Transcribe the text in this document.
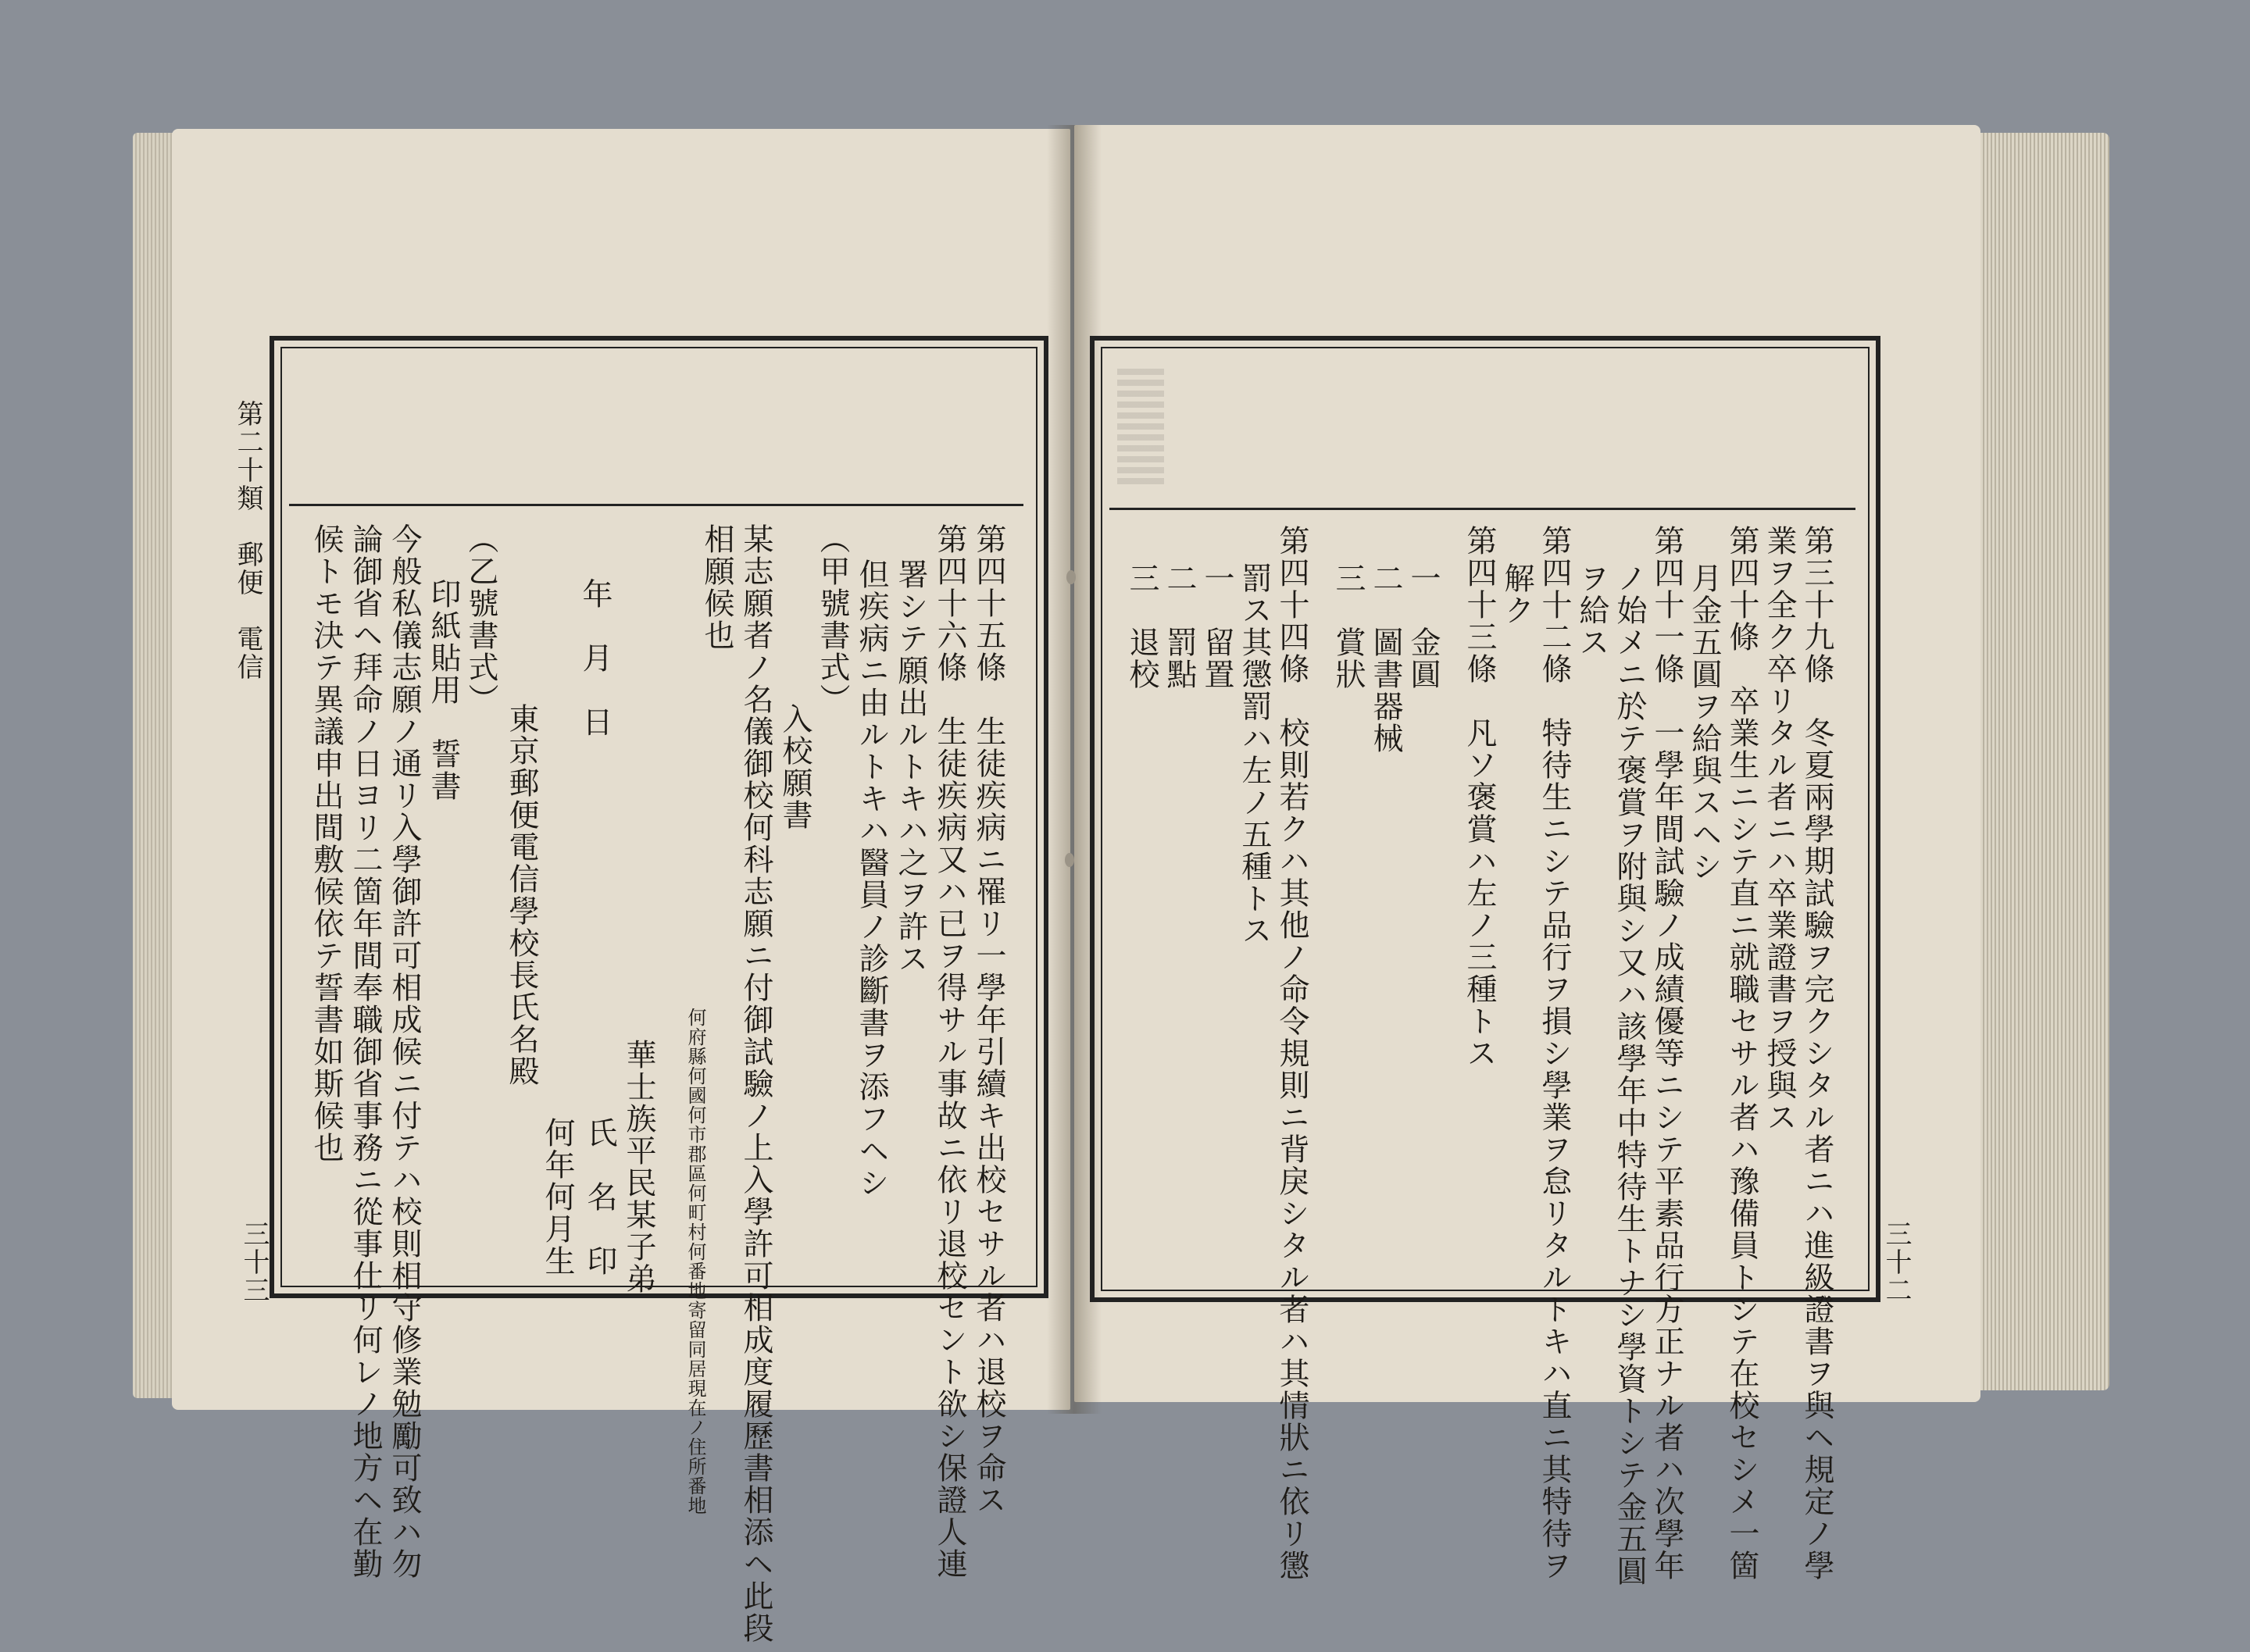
第二十類　郵便　電信
三十三	第四十五條　生徒疾病ニ罹リ一學年引續キ出校セサル者ハ退校ヲ命ス
第四十六條　生徒疾病又ハ已ヲ得サル事故ニ依リ退校セント欲シ保證人連
署シテ願出ルトキハ之ヲ許ス
但疾病ニ由ルトキハ醫員ノ診斷書ヲ添フヘシ
（甲號書式）
入校願書
某志願者ノ名儀御校何科志願ニ付御試驗ノ上入學許可相成度履歷書相添ヘ此段
相願候也
年　月　日
何府縣何國何市郡區何町村何番地寄留同居現在ノ住所番地
華士族平民某子弟
氏　名　印
何年何月生
東京郵便電信學校長氏名殿
（乙號書式）
印紙貼用　誓書
今般私儀志願ノ通リ入學御許可相成候ニ付テハ校則相守修業勉勵可致ハ勿
論御省ヘ拜命ノ日ヨリ二箇年間奉職御省事務ニ從事仕リ何レノ地方ヘ在勤
候トモ決テ異議申出間敷候依テ誓書如斯候也
三十二
第三十九條　冬夏兩學期試驗ヲ完クシタル者ニハ進級證書ヲ與ヘ規定ノ學
業ヲ全ク卒リタル者ニハ卒業證書ヲ授與ス
第四十條　卒業生ニシテ直ニ就職セサル者ハ豫備員トシテ在校セシメ一箇
月金五圓ヲ給與スヘシ
第四十一條　一學年間試驗ノ成績優等ニシテ平素品行方正ナル者ハ次學年
ノ始メニ於テ褒賞ヲ附與シ又ハ該學年中特待生トナシ學資トシテ金五圓
ヲ給ス
第四十二條　特待生ニシテ品行ヲ損シ學業ヲ怠リタルトキハ直ニ其特待ヲ
解ク
第四十三條　凡ソ褒賞ハ左ノ三種トス
一　金圓
二　圖書器械
三　賞狀
第四十四條　校則若クハ其他ノ命令規則ニ背戾シタル者ハ其情狀ニ依リ懲
罰ス其懲罰ハ左ノ五種トス
一　留置
二　罰點
三　退校
